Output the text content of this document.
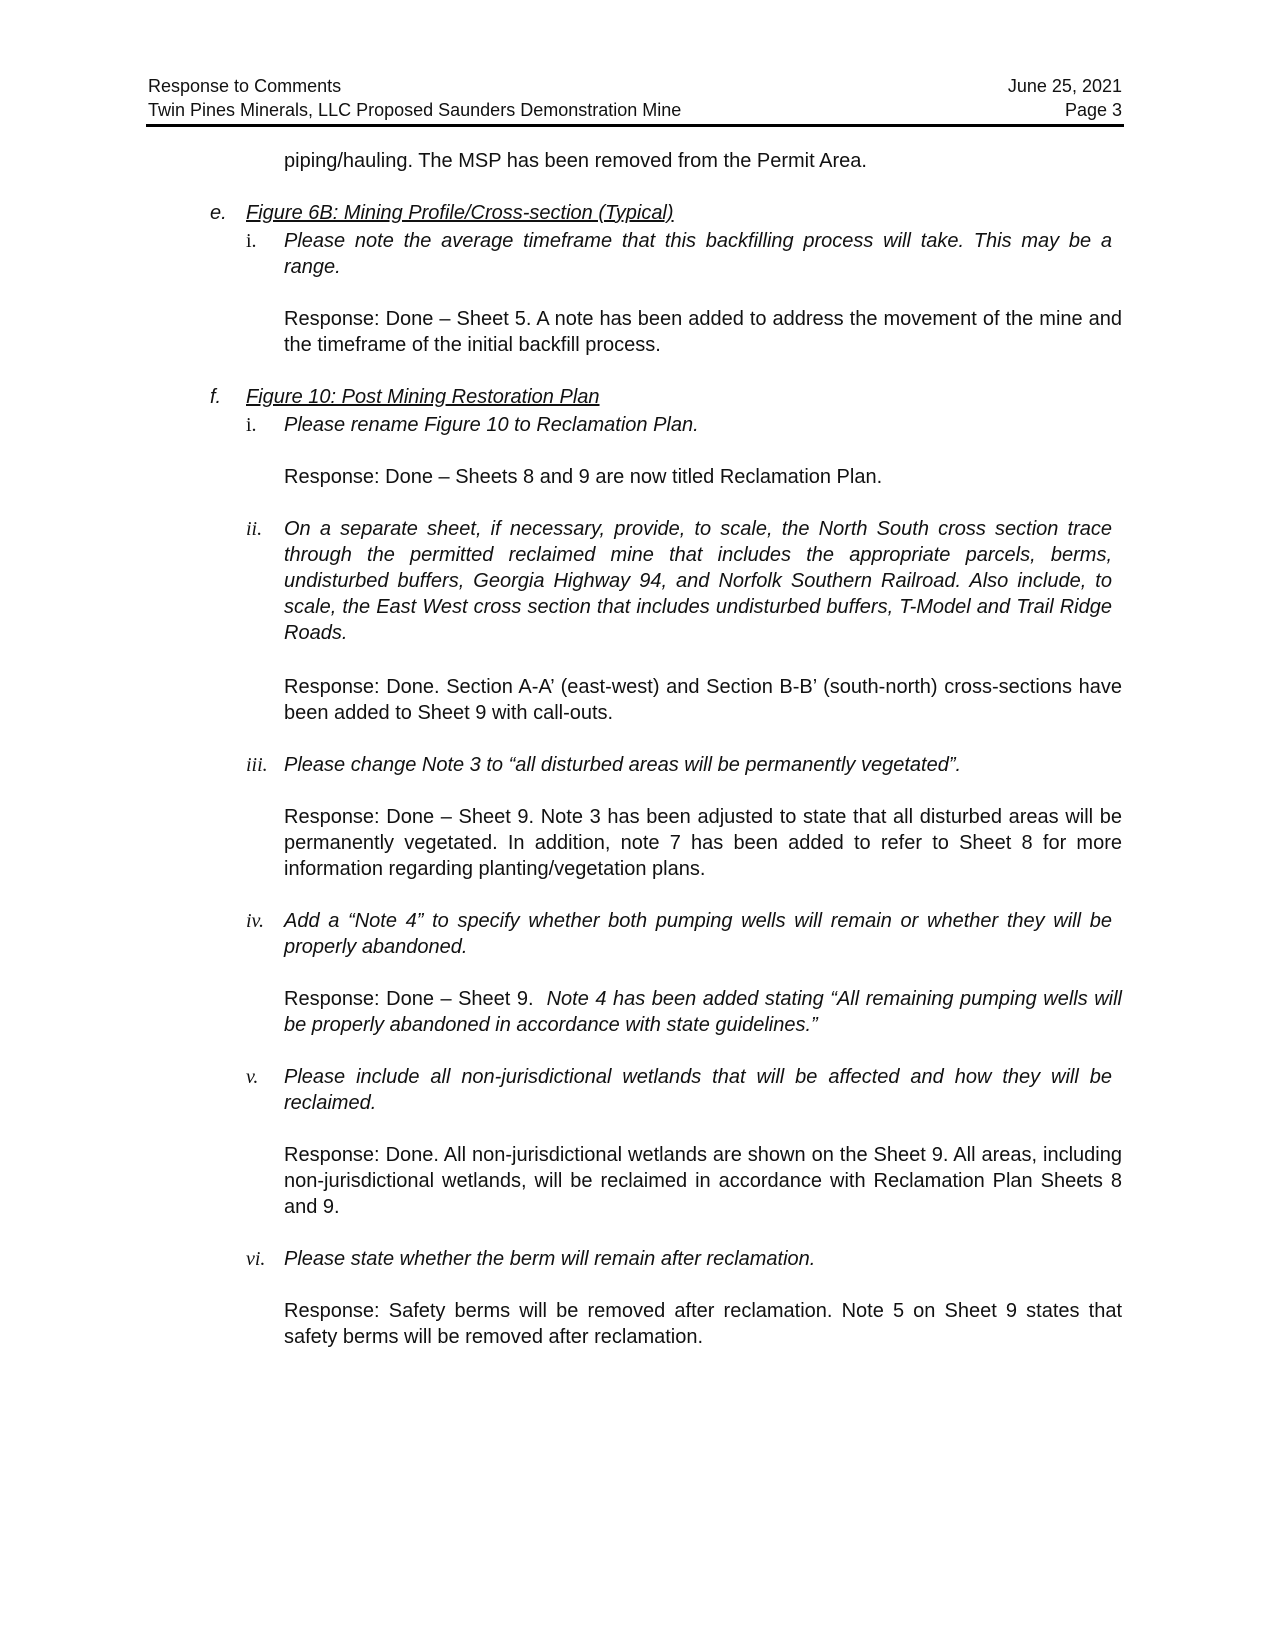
Response to Comments	June 25, 2021
Twin Pines Minerals, LLC Proposed Saunders Demonstration Mine	Page 3
piping/hauling. The MSP has been removed from the Permit Area.
e. Figure 6B: Mining Profile/Cross-section (Typical)
i. Please note the average timeframe that this backfilling process will take. This may be a range.
Response: Done – Sheet 5. A note has been added to address the movement of the mine and the timeframe of the initial backfill process.
f. Figure 10: Post Mining Restoration Plan
i. Please rename Figure 10 to Reclamation Plan.
Response: Done – Sheets 8 and 9 are now titled Reclamation Plan.
ii. On a separate sheet, if necessary, provide, to scale, the North South cross section trace through the permitted reclaimed mine that includes the appropriate parcels, berms, undisturbed buffers, Georgia Highway 94, and Norfolk Southern Railroad. Also include, to scale, the East West cross section that includes undisturbed buffers, T-Model and Trail Ridge Roads.
Response: Done. Section A-A’ (east-west) and Section B-B’ (south-north) cross-sections have been added to Sheet 9 with call-outs.
iii. Please change Note 3 to “all disturbed areas will be permanently vegetated”.
Response: Done – Sheet 9. Note 3 has been adjusted to state that all disturbed areas will be permanently vegetated. In addition, note 7 has been added to refer to Sheet 8 for more information regarding planting/vegetation plans.
iv. Add a “Note 4” to specify whether both pumping wells will remain or whether they will be properly abandoned.
Response: Done – Sheet 9.  Note 4 has been added stating “All remaining pumping wells will be properly abandoned in accordance with state guidelines.”
v. Please include all non-jurisdictional wetlands that will be affected and how they will be reclaimed.
Response: Done. All non-jurisdictional wetlands are shown on the Sheet 9. All areas, including non-jurisdictional wetlands, will be reclaimed in accordance with Reclamation Plan Sheets 8 and 9.
vi. Please state whether the berm will remain after reclamation.
Response: Safety berms will be removed after reclamation. Note 5 on Sheet 9 states that safety berms will be removed after reclamation.
